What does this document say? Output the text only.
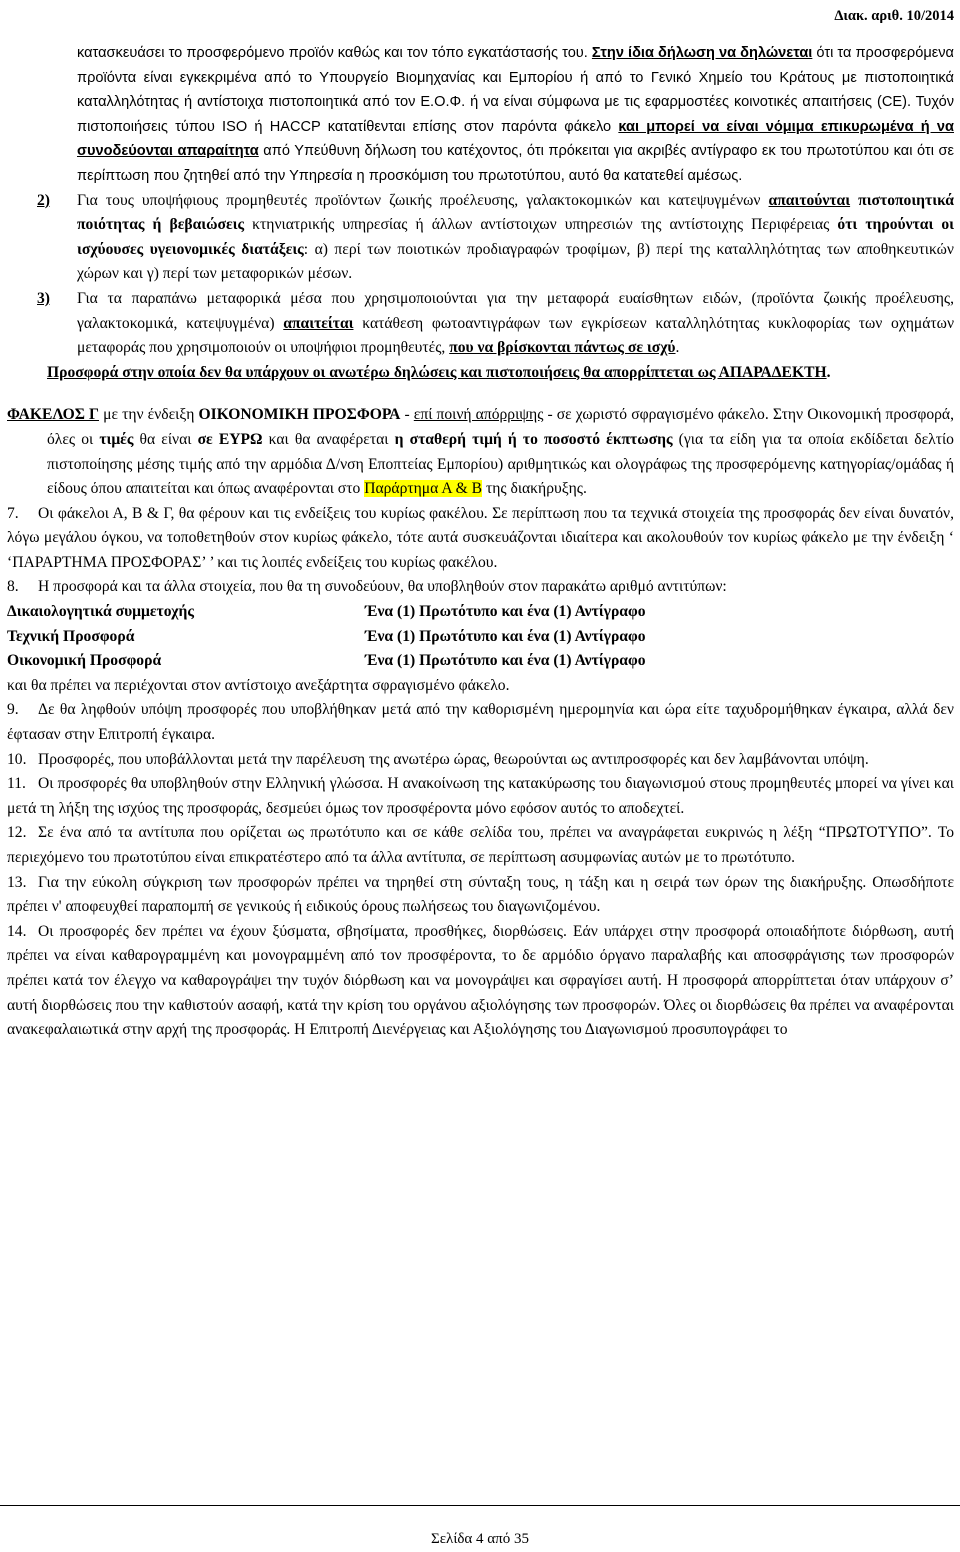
Διακ. αριθ. 10/2014

κατασκευάσει το προσφερόμενο προϊόν καθώς και τον τόπο εγκατάστασής του. Στην ίδια δήλωση να δηλώνεται ότι τα προσφερόμενα προϊόντα είναι εγκεκριμένα από το Υπουργείο Βιομηχανίας και Εμπορίου ή από το Γενικό Χημείο του Κράτους με πιστοποιητικά καταλληλότητας ή αντίστοιχα πιστοποιητικά από τον Ε.Ο.Φ. ή να είναι σύμφωνα με τις εφαρμοστέες κοινοτικές απαιτήσεις (CE). Τυχόν πιστοποιήσεις τύπου ISO ή HACCP κατατίθενται επίσης στον παρόντα φάκελο και μπορεί να είναι νόμιμα επικυρωμένα ή να συνοδεύονται απαραίτητα από Υπεύθυνη δήλωση του κατέχοντος, ότι πρόκειται για ακριβές αντίγραφο εκ του πρωτοτύπου και ότι σε περίπτωση που ζητηθεί από την Υπηρεσία η προσκόμιση του πρωτοτύπου, αυτό θα κατατεθεί αμέσως.

2) Για τους υποψήφιους προμηθευτές προϊόντων ζωικής προέλευσης, γαλακτοκομικών και κατεψυγμένων απαιτούνται πιστοποιητικά ποιότητας ή βεβαιώσεις κτηνιατρικής υπηρεσίας ή άλλων αντίστοιχων υπηρεσιών της αντίστοιχης Περιφέρειας ότι τηρούνται οι ισχύουσες υγειονομικές διατάξεις: α) περί των ποιοτικών προδιαγραφών τροφίμων, β) περί της καταλληλότητας των αποθηκευτικών χώρων και γ) περί των μεταφορικών μέσων.

3) Για τα παραπάνω μεταφορικά μέσα που χρησιμοποιούνται για την μεταφορά ευαίσθητων ειδών, (προϊόντα ζωικής προέλευσης, γαλακτοκομικά, κατεψυγμένα) απαιτείται κατάθεση φωτοαντιγράφων των εγκρίσεων καταλληλότητας κυκλοφορίας των οχημάτων μεταφοράς που χρησιμοποιούν οι υποψήφιοι προμηθευτές, που να βρίσκονται πάντως σε ισχύ.

Προσφορά στην οποία δεν θα υπάρχουν οι ανωτέρω δηλώσεις και πιστοποιήσεις θα απορρίπτεται ως ΑΠΑΡΑΔΕΚΤΗ.

ΦΑΚΕΛΟΣ Γ με την ένδειξη ΟΙΚΟΝΟΜΙΚΗ ΠΡΟΣΦΟΡΑ - επί ποινή απόρριψης - σε χωριστό σφραγισμένο φάκελο. Στην Οικονομική προσφορά, όλες οι τιμές θα είναι σε ΕΥΡΩ και θα αναφέρεται η σταθερή τιμή ή το ποσοστό έκπτωσης (για τα είδη για τα οποία εκδίδεται δελτίο πιστοποίησης μέσης τιμής από την αρμόδια Δ/νση Εποπτείας Εμπορίου) αριθμητικώς και ολογράφως της προσφερόμενης κατηγορίας/ομάδας ή είδους όπου απαιτείται και όπως αναφέρονται στο Παράρτημα Α & Β της διακήρυξης.

7. Οι φάκελοι Α, Β & Γ, θα φέρουν και τις ενδείξεις του κυρίως φακέλου. Σε περίπτωση που τα τεχνικά στοιχεία της προσφοράς δεν είναι δυνατόν, λόγω μεγάλου όγκου, να τοποθετηθούν στον κυρίως φάκελο, τότε αυτά συσκευάζονται ιδιαίτερα και ακολουθούν τον κυρίως φάκελο με την ένδειξη ‘ ‘ΠΑΡΑΡΤΗΜΑ ΠΡΟΣΦΟΡΑΣ’ ’ και τις λοιπές ενδείξεις του κυρίως φακέλου.

8. Η προσφορά και τα άλλα στοιχεία, που θα τη συνοδεύουν, θα υποβληθούν στον παρακάτω αριθμό αντιτύπων:

Δικαιολογητικά συμμετοχής	Ένα (1) Πρωτότυπο και ένα (1) Αντίγραφο
Τεχνική Προσφορά	Ένα (1) Πρωτότυπο και ένα (1) Αντίγραφο
Οικονομική Προσφορά	Ένα (1) Πρωτότυπο και ένα (1) Αντίγραφο

και θα πρέπει να περιέχονται στον αντίστοιχο ανεξάρτητα σφραγισμένο φάκελο.

9. Δε θα ληφθούν υπόψη προσφορές που υποβλήθηκαν μετά από την καθορισμένη ημερομηνία και ώρα είτε ταχυδρομήθηκαν έγκαιρα, αλλά δεν έφτασαν στην Επιτροπή έγκαιρα.

10. Προσφορές, που υποβάλλονται μετά την παρέλευση της ανωτέρω ώρας, θεωρούνται ως αντιπροσφορές και δεν λαμβάνονται υπόψη.

11. Οι προσφορές θα υποβληθούν στην Ελληνική γλώσσα. Η ανακοίνωση της κατακύρωσης του διαγωνισμού στους προμηθευτές μπορεί να γίνει και μετά τη λήξη της ισχύος της προσφοράς, δεσμεύει όμως τον προσφέροντα μόνο εφόσον αυτός το αποδεχτεί.

12. Σε ένα από τα αντίτυπα που ορίζεται ως πρωτότυπο και σε κάθε σελίδα του, πρέπει να αναγράφεται ευκρινώς η λέξη “ΠΡΩΤΟΤΥΠΟ”. Το περιεχόμενο του πρωτοτύπου είναι επικρατέστερο από τα άλλα αντίτυπα, σε περίπτωση ασυμφωνίας αυτών με το πρωτότυπο.

13. Για την εύκολη σύγκριση των προσφορών πρέπει να τηρηθεί στη σύνταξη τους, η τάξη και η σειρά των όρων της διακήρυξης. Οπωσδήποτε πρέπει ν' αποφευχθεί παραπομπή σε γενικούς ή ειδικούς όρους πωλήσεως του διαγωνιζομένου.

14. Οι προσφορές δεν πρέπει να έχουν ξύσματα, σβησίματα, προσθήκες, διορθώσεις. Εάν υπάρχει στην προσφορά οποιαδήποτε διόρθωση, αυτή πρέπει να είναι καθαρογραμμένη και μονογραμμένη από τον προσφέροντα, το δε αρμόδιο όργανο παραλαβής και αποσφράγισης των προσφορών πρέπει κατά τον έλεγχο να καθαρογράψει την τυχόν διόρθωση και να μονογράψει και σφραγίσει αυτή. Η προσφορά απορρίπτεται όταν υπάρχουν σ’ αυτή διορθώσεις που την καθιστούν ασαφή, κατά την κρίση του οργάνου αξιολόγησης των προσφορών. Όλες οι διορθώσεις θα πρέπει να αναφέρονται ανακεφαλαιωτικά στην αρχή της προσφοράς. Η Επιτροπή Διενέργειας και Αξιολόγησης του Διαγωνισμού προσυπογράφει το

Σελίδα 4 από 35
